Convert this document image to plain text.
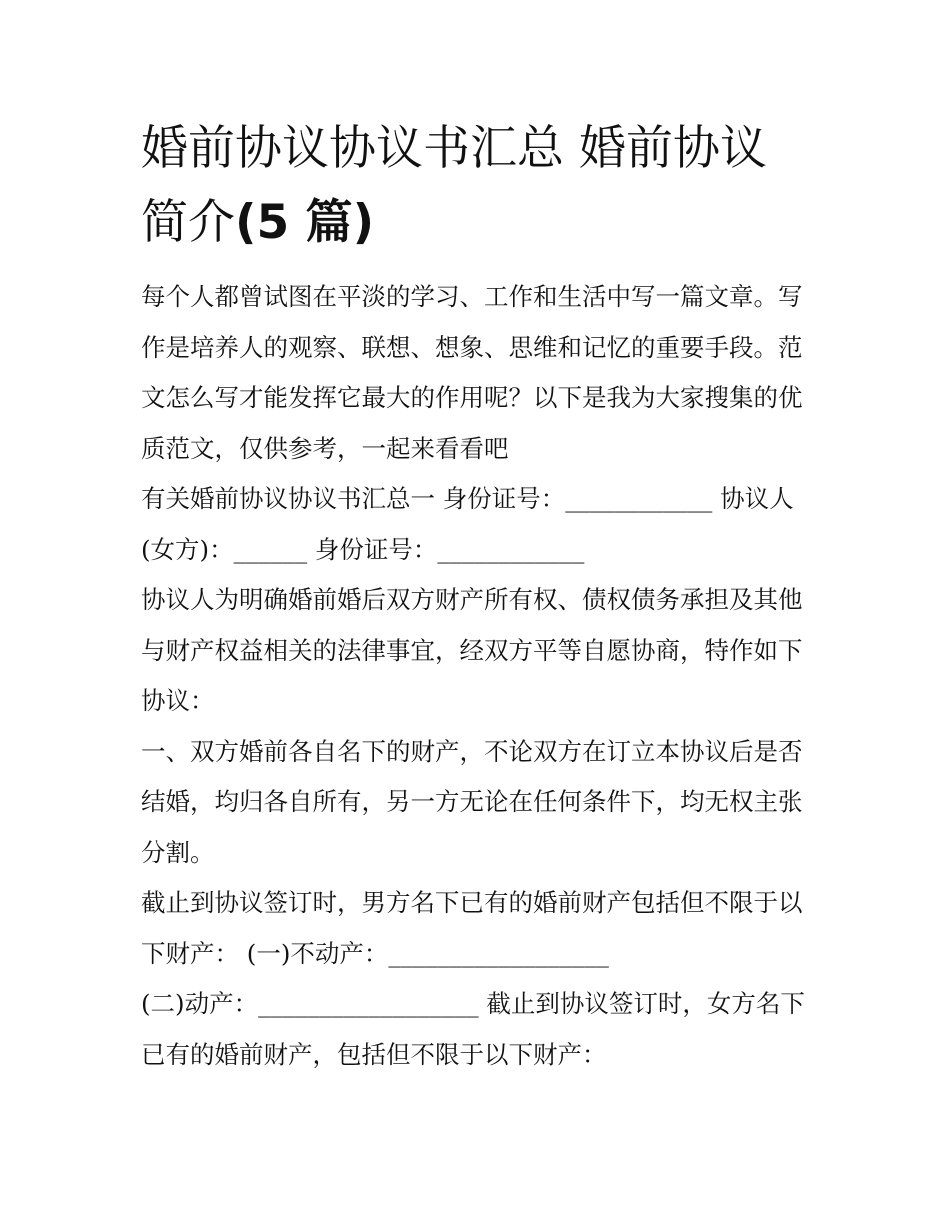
婚前协议协议书汇总 婚前协议
简介(5 篇)

每个人都曾试图在平淡的学习、工作和生活中写一篇文章。写作是培养人的观察、联想、想象、思维和记忆的重要手段。范文怎么写才能发挥它最大的作用呢？以下是我为大家搜集的优质范文，仅供参考，一起来看看吧

有关婚前协议协议书汇总一 身份证号：____________ 协议人(女方)：______ 身份证号：____________

协议人为明确婚前婚后双方财产所有权、债权债务承担及其他与财产权益相关的法律事宜，经双方平等自愿协商，特作如下协议：

一、双方婚前各自名下的财产，不论双方在订立本协议后是否结婚，均归各自所有，另一方无论在任何条件下，均无权主张分割。

截止到协议签订时，男方名下已有的婚前财产包括但不限于以下财产： (一)不动产：__________________

(二)动产：__________________ 截止到协议签订时，女方名下已有的婚前财产，包括但不限于以下财产：
